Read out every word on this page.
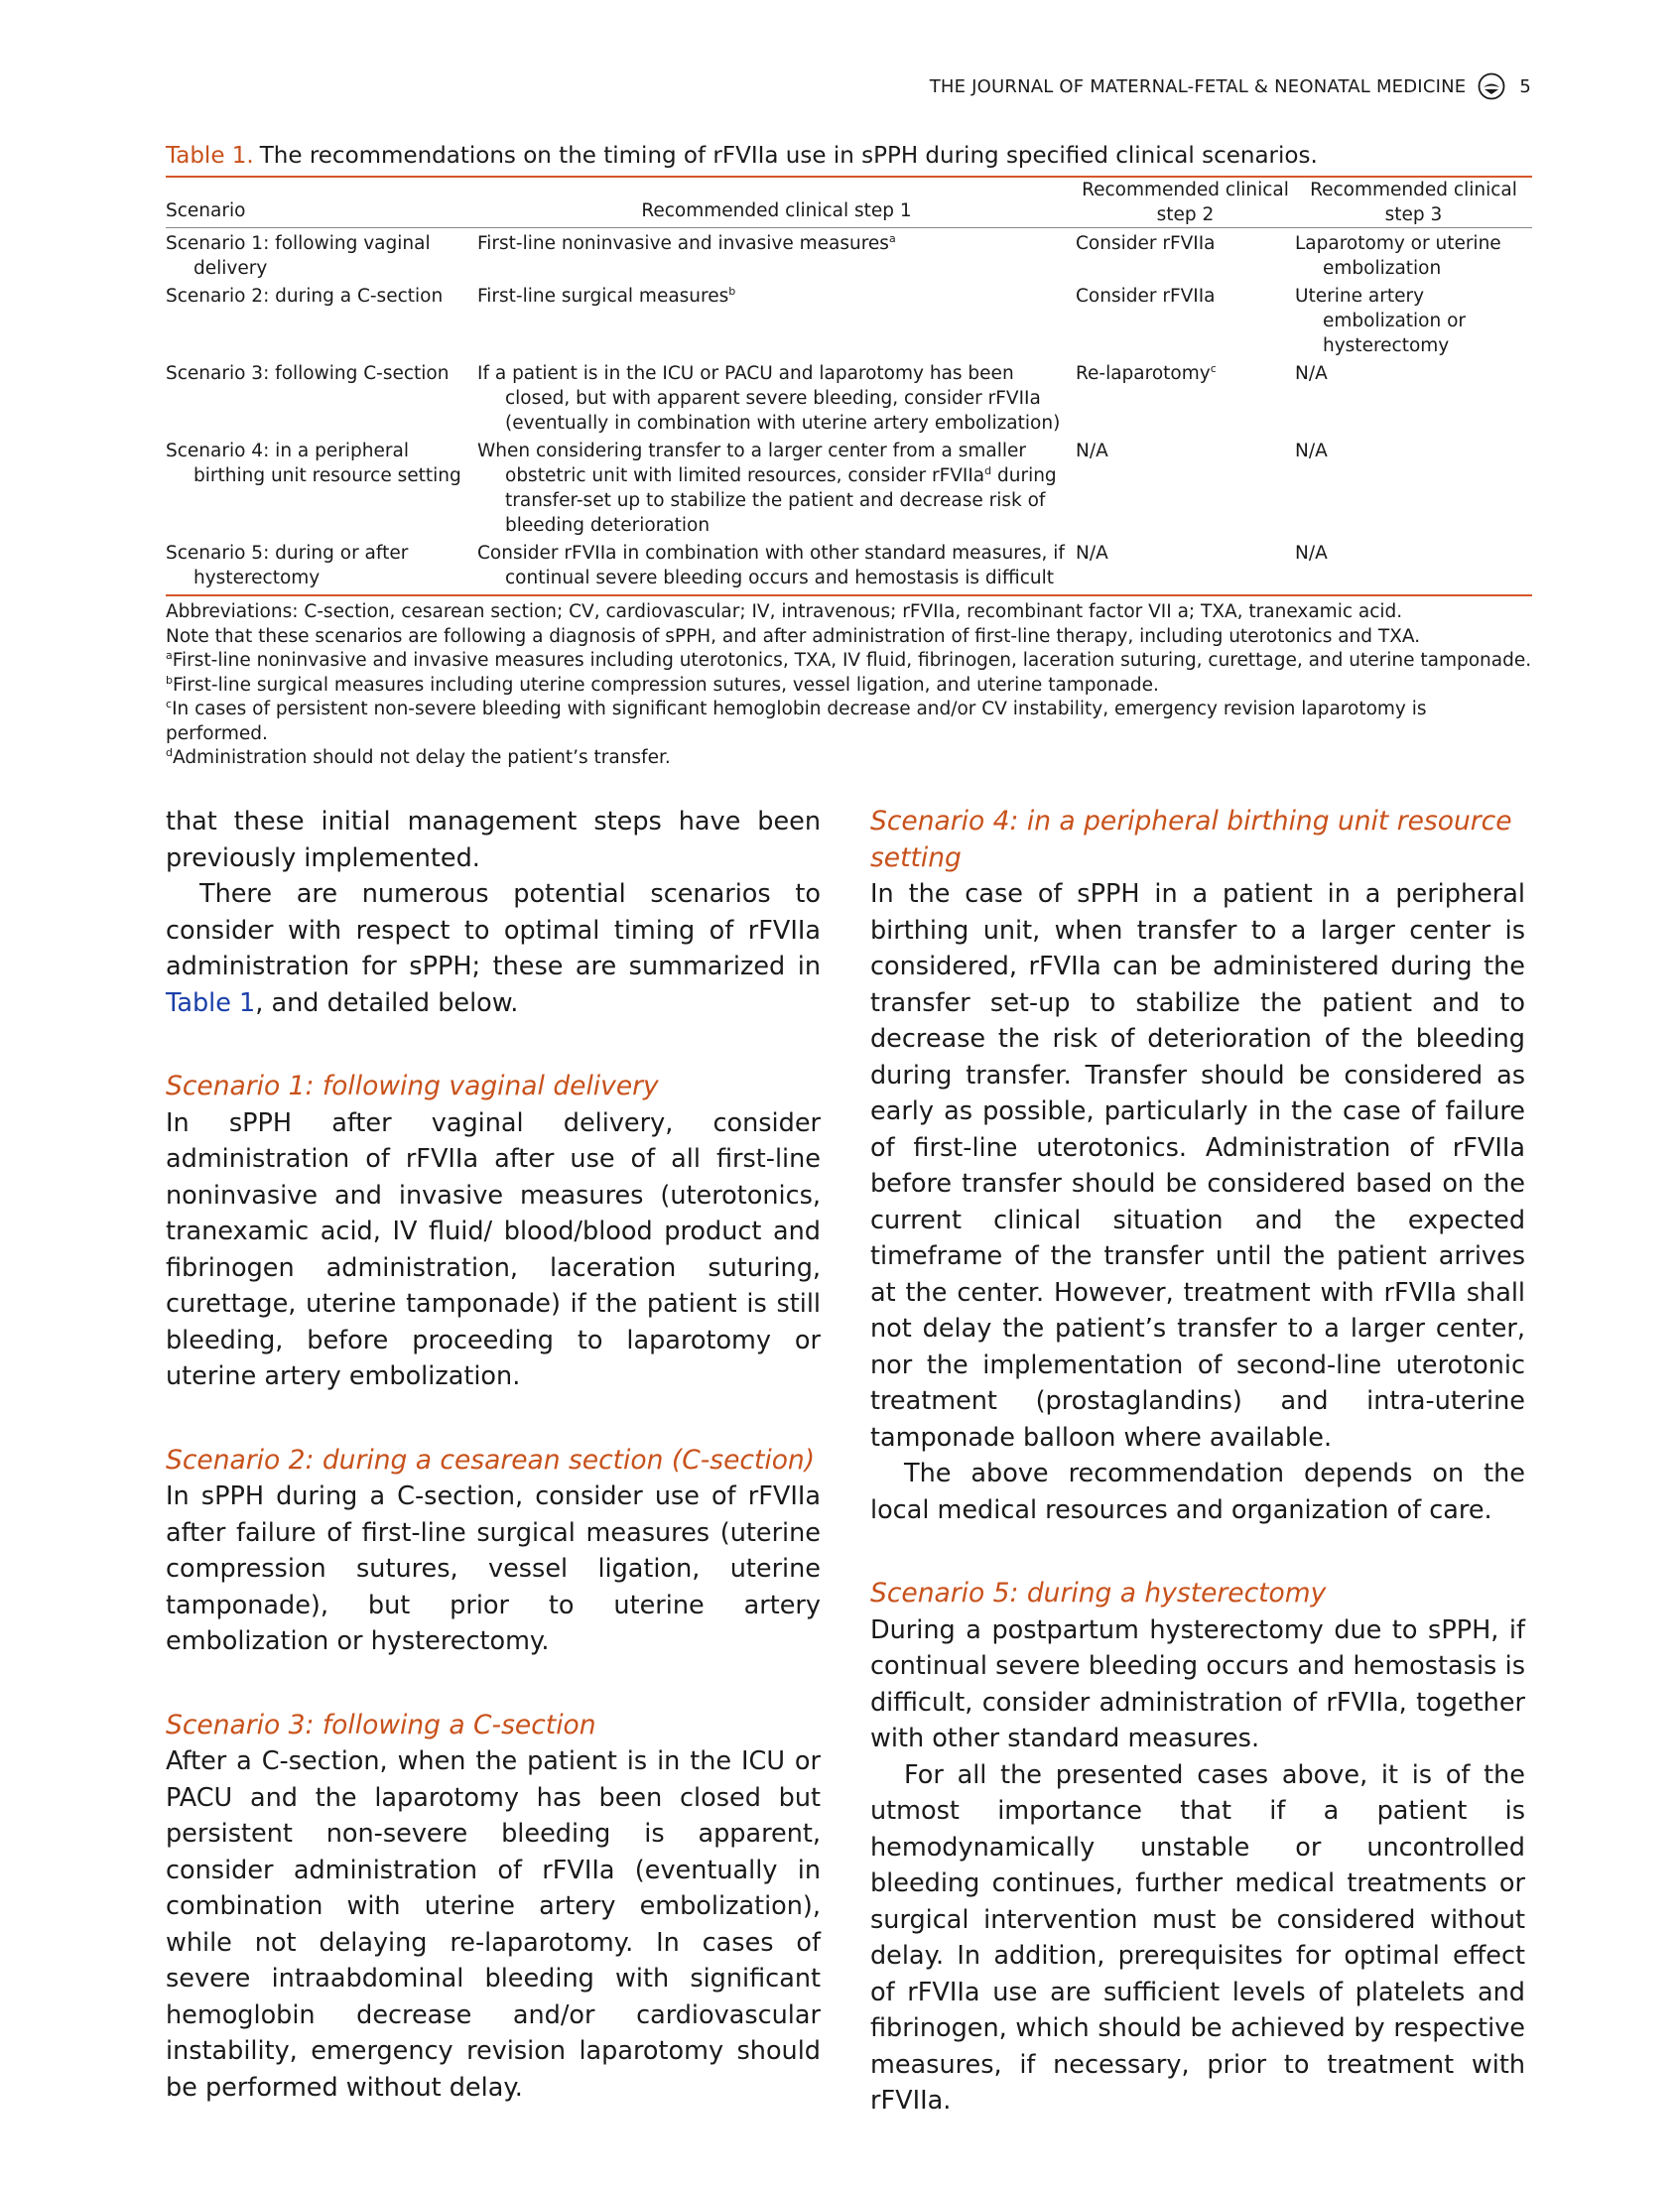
THE JOURNAL OF MATERNAL-FETAL & NEONATAL MEDICINE	5
Table 1. The recommendations on the timing of rFVIIa use in sPPH during specified clinical scenarios.
Scenario	Recommended clinical step 1	Recommended clinical step 2	Recommended clinical step 3
Scenario 1: following vaginal delivery	First-line noninvasive and invasive measures$^a$	Consider rFVIIa	Laparotomy or uterine embolization
Scenario 2: during a C-section	First-line surgical measures$^b$	Consider rFVIIa	Uterine artery embolization or hysterectomy
Scenario 3: following C-section	If a patient is in the ICU or PACU and laparotomy has been closed, but with apparent severe bleeding, consider rFVIIa (eventually in combination with uterine artery embolization)	Re-laparotomy$^c$	N/A
Scenario 4: in a peripheral birthing unit resource setting	When considering transfer to a larger center from a smaller obstetric unit with limited resources, consider rFVIIa$^d$ during transfer-set up to stabilize the patient and decrease risk of bleeding deterioration	N/A	N/A
Scenario 5: during or after hysterectomy	Consider rFVIIa in combination with other standard measures, if continual severe bleeding occurs and hemostasis is difficult	N/A	N/A

Abbreviations: C-section, cesarean section; CV, cardiovascular; IV, intravenous; rFVIIa, recombinant factor VII a; TXA, tranexamic acid.

Note that these scenarios are following a diagnosis of sPPH, and after administration of first-line therapy, including uterotonics and TXA.

$^a$First-line noninvasive and invasive measures including uterotonics, TXA, IV fluid, fibrinogen, laceration suturing, curettage, and uterine tamponade.

$^b$First-line surgical measures including uterine compression sutures, vessel ligation, and uterine tamponade.

$^c$In cases of persistent non-severe bleeding with significant hemoglobin decrease and/or CV instability, emergency revision laparotomy is performed.

$^d$Administration should not delay the patient’s transfer.

that these initial management steps have been previously implemented.

There are numerous potential scenarios to consider with respect to optimal timing of rFVIIa administration for sPPH; these are summarized in Table 1, and detailed below.

Scenario 1: following vaginal delivery

In sPPH after vaginal delivery, consider administration of rFVIIa after use of all first-line noninvasive and invasive measures (uterotonics, tranexamic acid, IV fluid/ blood/blood product and fibrinogen administration, laceration suturing, curettage, uterine tamponade) if the patient is still bleeding, before proceeding to laparotomy or uterine artery embolization.

Scenario 2: during a cesarean section (C-section)

In sPPH during a C-section, consider use of rFVIIa after failure of first-line surgical measures (uterine compression sutures, vessel ligation, uterine tamponade), but prior to uterine artery embolization or hysterectomy.

Scenario 3: following a C-section

After a C-section, when the patient is in the ICU or PACU and the laparotomy has been closed but persistent non-severe bleeding is apparent, consider administration of rFVIIa (eventually in combination with uterine artery embolization), while not delaying re-laparotomy. In cases of severe intraabdominal bleeding with significant hemoglobin decrease and/or cardiovascular instability, emergency revision laparotomy should be performed without delay.

Scenario 4: in a peripheral birthing unit resource setting

In the case of sPPH in a patient in a peripheral birthing unit, when transfer to a larger center is considered, rFVIIa can be administered during the transfer set-up to stabilize the patient and to decrease the risk of deterioration of the bleeding during transfer. Transfer should be considered as early as possible, particularly in the case of failure of first-line uterotonics. Administration of rFVIIa before transfer should be considered based on the current clinical situation and the expected timeframe of the transfer until the patient arrives at the center. However, treatment with rFVIIa shall not delay the patient’s transfer to a larger center, nor the implementation of second-line uterotonic treatment (prostaglandins) and intra-uterine tamponade balloon where available.

The above recommendation depends on the local medical resources and organization of care.

Scenario 5: during a hysterectomy

During a postpartum hysterectomy due to sPPH, if continual severe bleeding occurs and hemostasis is difficult, consider administration of rFVIIa, together with other standard measures.

For all the presented cases above, it is of the utmost importance that if a patient is hemodynamically unstable or uncontrolled bleeding continues, further medical treatments or surgical intervention must be considered without delay. In addition, prerequisites for optimal effect of rFVIIa use are sufficient levels of platelets and fibrinogen, which should be achieved by respective measures, if necessary, prior to treatment with rFVIIa.
